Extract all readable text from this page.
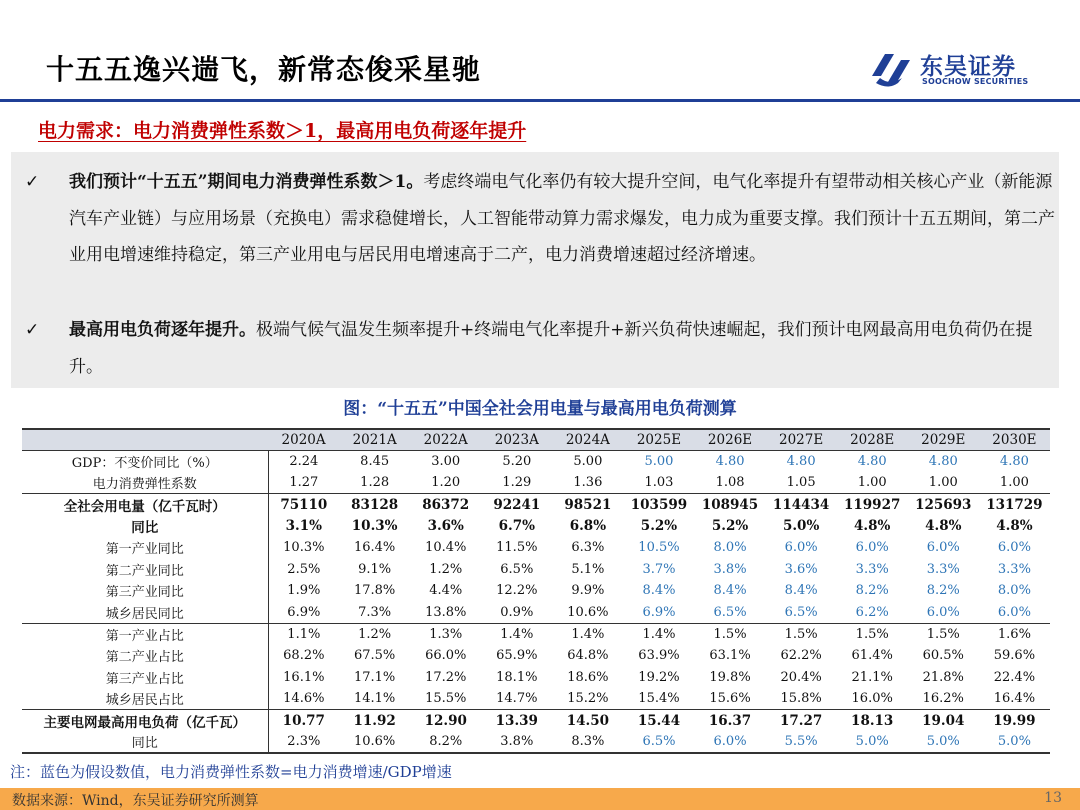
十五五逸兴遄飞，新常态俊采星驰	东吴证券
SOOCHOW SECURITIES
电力需求：电力消费弹性系数＞1，最高用电负荷逐年提升
✓ 我们预计“十五五”期间电力消费弹性系数＞1。考虑终端电气化率仍有较大提升空间，电气化率提升有望带动相关核心产业（新能源汽车产业链）与应用场景（充换电）需求稳健增长，人工智能带动算力需求爆发，电力成为重要支撑。我们预计十五五期间，第二产业用电增速维持稳定，第三产业用电与居民用电增速高于二产，电力消费增速超过经济增速。
✓ 最高用电负荷逐年提升。极端气候气温发生频率提升+终端电气化率提升+新兴负荷快速崛起，我们预计电网最高用电负荷仍在提升。
图：“十五五”中国全社会用电量与最高用电负荷测算
	2020A	2021A	2022A	2023A	2024A	2025E	2026E	2027E	2028E	2029E	2030E
GDP：不变价同比（%）	2.24	8.45	3.00	5.20	5.00	5.00	4.80	4.80	4.80	4.80	4.80
电力消费弹性系数	1.27	1.28	1.20	1.29	1.36	1.03	1.08	1.05	1.00	1.00	1.00
全社会用电量（亿千瓦时）	75110	83128	86372	92241	98521	103599	108945	114434	119927	125693	131729
同比	3.1%	10.3%	3.6%	6.7%	6.8%	5.2%	5.2%	5.0%	4.8%	4.8%	4.8%
第一产业同比	10.3%	16.4%	10.4%	11.5%	6.3%	10.5%	8.0%	6.0%	6.0%	6.0%	6.0%
第二产业同比	2.5%	9.1%	1.2%	6.5%	5.1%	3.7%	3.8%	3.6%	3.3%	3.3%	3.3%
第三产业同比	1.9%	17.8%	4.4%	12.2%	9.9%	8.4%	8.4%	8.4%	8.2%	8.2%	8.0%
城乡居民同比	6.9%	7.3%	13.8%	0.9%	10.6%	6.9%	6.5%	6.5%	6.2%	6.0%	6.0%
第一产业占比	1.1%	1.2%	1.3%	1.4%	1.4%	1.4%	1.5%	1.5%	1.5%	1.5%	1.6%
第二产业占比	68.2%	67.5%	66.0%	65.9%	64.8%	63.9%	63.1%	62.2%	61.4%	60.5%	59.6%
第三产业占比	16.1%	17.1%	17.2%	18.1%	18.6%	19.2%	19.8%	20.4%	21.1%	21.8%	22.4%
城乡居民占比	14.6%	14.1%	15.5%	14.7%	15.2%	15.4%	15.6%	15.8%	16.0%	16.2%	16.4%
主要电网最高用电负荷（亿千瓦）	10.77	11.92	12.90	13.39	14.50	15.44	16.37	17.27	18.13	19.04	19.99
同比	2.3%	10.6%	8.2%	3.8%	8.3%	6.5%	6.0%	5.5%	5.0%	5.0%	5.0%
注：蓝色为假设数值，电力消费弹性系数=电力消费增速/GDP增速
数据来源：Wind，东吴证券研究所测算	13
